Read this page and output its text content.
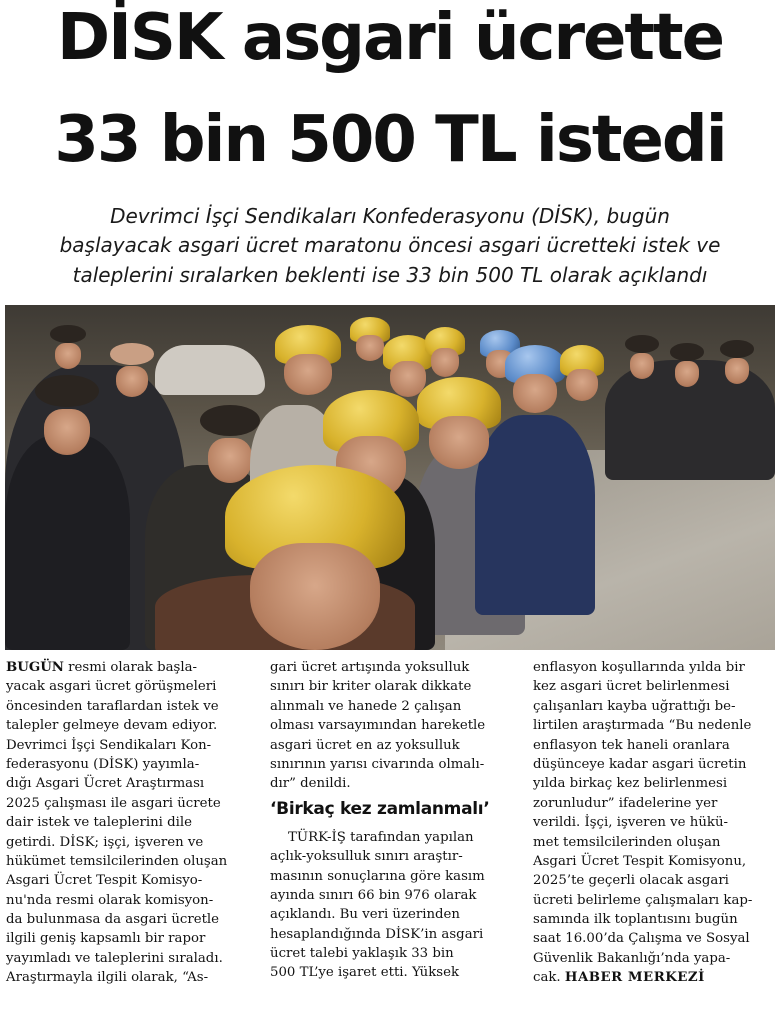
DİSK asgari ücrette
33 bin 500 TL istedi
Devrimci İşçi Sendikaları Konfederasyonu (DİSK), bugün
başlayacak asgari ücret maratonu öncesi asgari ücretteki istek ve
taleplerini sıralarken beklenti ise 33 bin 500 TL olarak açıklandı
BUGÜN resmi olarak başla-
yacak asgari ücret görüşmeleri
öncesinden taraflardan istek ve
talepler gelmeye devam ediyor.
Devrimci İşçi Sendikaları Kon-
federasyonu (DİSK) yayımla-
dığı Asgari Ücret Araştırması
2025 çalışması ile asgari ücrete
dair istek ve taleplerini dile
getirdi. DİSK; işçi, işveren ve
hükümet temsilcilerinden oluşan
Asgari Ücret Tespit Komisyo-
nu'nda resmi olarak komisyon-
da bulunmasa da asgari ücretle
ilgili geniş kapsamlı bir rapor
yayımladı ve taleplerini sıraladı.
Araştırmayla ilgili olarak, “As-
gari ücret artışında yoksulluk
sınırı bir kriter olarak dikkate
alınmalı ve hanede 2 çalışan
olması varsayımından hareketle
asgari ücret en az yoksulluk
sınırının yarısı civarında olmalı-
dır” denildi.
‘Birkaç kez zamlanmalı’
TÜRK-İŞ tarafından yapılan
açlık-yoksulluk sınırı araştır-
masının sonuçlarına göre kasım
ayında sınırı 66 bin 976 olarak
açıklandı. Bu veri üzerinden
hesaplandığında DİSK’in asgari
ücret talebi yaklaşık 33 bin
500 TL’ye işaret etti. Yüksek
enflasyon koşullarında yılda bir
kez asgari ücret belirlenmesi
çalışanları kayba uğrattığı be-
lirtilen araştırmada “Bu nedenle
enflasyon tek haneli oranlara
düşünceye kadar asgari ücretin
yılda birkaç kez belirlenmesi
zorunludur” ifadelerine yer
verildi. İşçi, işveren ve hükü-
met temsilcilerinden oluşan
Asgari Ücret Tespit Komisyonu,
2025’te geçerli olacak asgari
ücreti belirleme çalışmaları kap-
samında ilk toplantısını bugün
saat 16.00’da Çalışma ve Sosyal
Güvenlik Bakanlığı’nda yapa-
cak. HABER MERKEZİ
